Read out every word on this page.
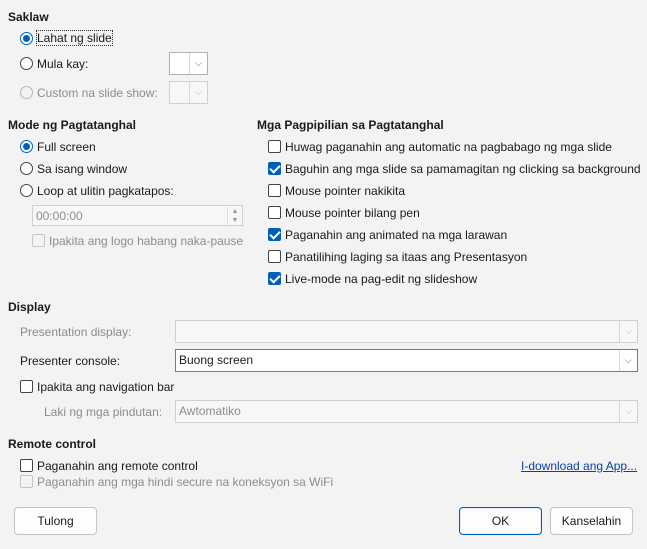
Saklaw
Lahat ng slide
Mula kay:	⌵
Custom na slide show:	⌵
Mode ng Pagtatanghal
Full screen
Sa isang window
Loop at ulitin pagkatapos:
00:00:00	▲
▼
Ipakita ang logo habang naka-pause
Mga Pagpipilian sa Pagtatanghal
Huwag paganahin ang automatic na pagbabago ng mga slide
Baguhin ang mga slide sa pamamagitan ng clicking sa background
Mouse pointer nakikita
Mouse pointer bilang pen
Paganahin ang animated na mga larawan
Panatilihing laging sa itaas ang Presentasyon
Live-mode na pag-edit ng slideshow
Display
Presentation display:	⌵
Presenter console:	Buong screen	⌵
Ipakita ang navigation bar
Laki ng mga pindutan: Awtomatiko	⌵
Remote control
Paganahin ang remote control
Paganahin ang mga hindi secure na koneksyon sa WiFi
I-download ang App...
Tulong	OK	Kanselahin
